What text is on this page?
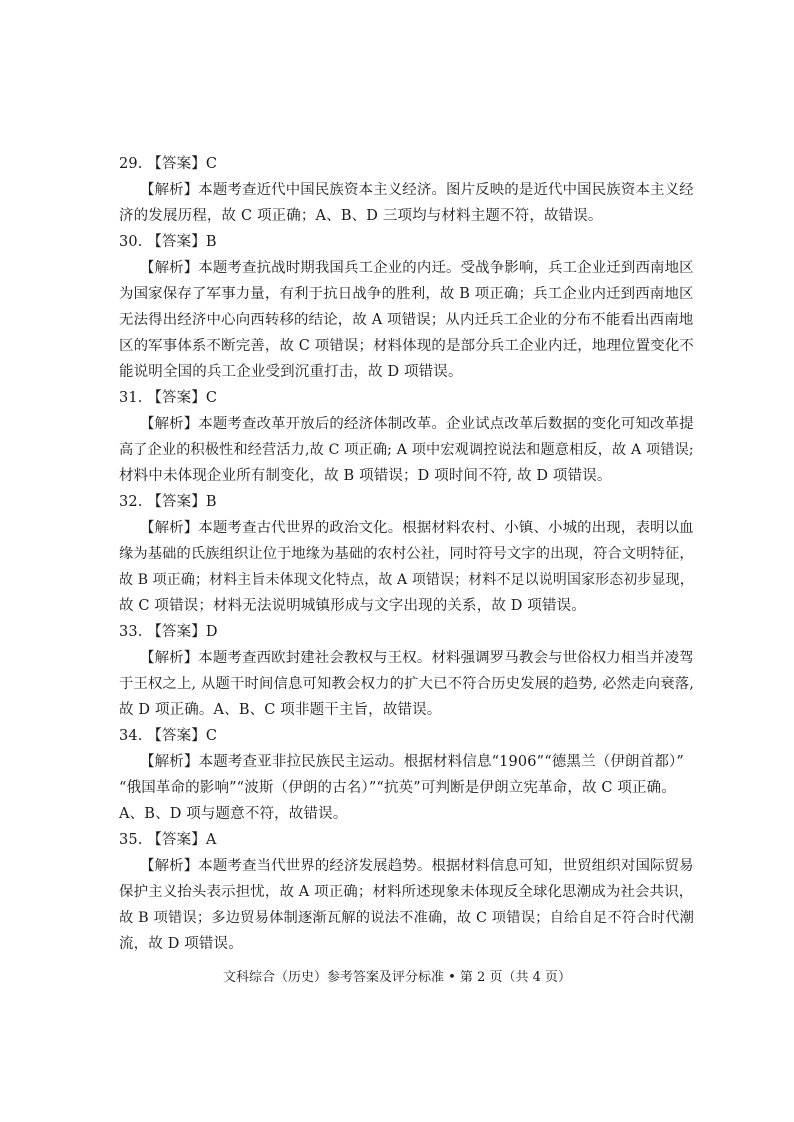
29. 【答案】C
【解析】本题考查近代中国民族资本主义经济。图片反映的是近代中国民族资本主义经
济的发展历程，故 C 项正确；A、B、D 三项均与材料主题不符，故错误。
30. 【答案】B
【解析】本题考查抗战时期我国兵工企业的内迁。受战争影响，兵工企业迁到西南地区
为国家保存了军事力量，有利于抗日战争的胜利，故 B 项正确；兵工企业内迁到西南地区
无法得出经济中心向西转移的结论，故 A 项错误；从内迁兵工企业的分布不能看出西南地
区的军事体系不断完善，故 C 项错误；材料体现的是部分兵工企业内迁，地理位置变化不
能说明全国的兵工企业受到沉重打击，故 D 项错误。
31. 【答案】C
【解析】本题考查改革开放后的经济体制改革。企业试点改革后数据的变化可知改革提
高了企业的积极性和经营活力,故 C 项正确; A 项中宏观调控说法和题意相反，故 A 项错误;
材料中未体现企业所有制变化，故 B 项错误；D 项时间不符, 故 D 项错误。
32. 【答案】B
【解析】本题考查古代世界的政治文化。根据材料农村、小镇、小城的出现，表明以血
缘为基础的氏族组织让位于地缘为基础的农村公社，同时符号文字的出现，符合文明特征，
故 B 项正确；材料主旨未体现文化特点，故 A 项错误；材料不足以说明国家形态初步显现，
故 C 项错误；材料无法说明城镇形成与文字出现的关系，故 D 项错误。
33. 【答案】D
【解析】本题考查西欧封建社会教权与王权。材料强调罗马教会与世俗权力相当并凌驾
于王权之上, 从题干时间信息可知教会权力的扩大已不符合历史发展的趋势, 必然走向衰落,
故 D 项正确。A、B、C 项非题干主旨，故错误。
34. 【答案】C
【解析】本题考查亚非拉民族民主运动。根据材料信息“1906”“德黑兰（伊朗首都）”
“俄国革命的影响”“波斯（伊朗的古名）”“抗英”可判断是伊朗立宪革命，故 C 项正确。
A、B、D 项与题意不符，故错误。
35. 【答案】A
【解析】本题考查当代世界的经济发展趋势。根据材料信息可知，世贸组织对国际贸易
保护主义抬头表示担忧，故 A 项正确；材料所述现象未体现反全球化思潮成为社会共识，
故 B 项错误；多边贸易体制逐渐瓦解的说法不准确，故 C 项错误；自给自足不符合时代潮
流，故 D 项错误。
文科综合（历史）参考答案及评分标准 • 第 2 页（共 4 页）
